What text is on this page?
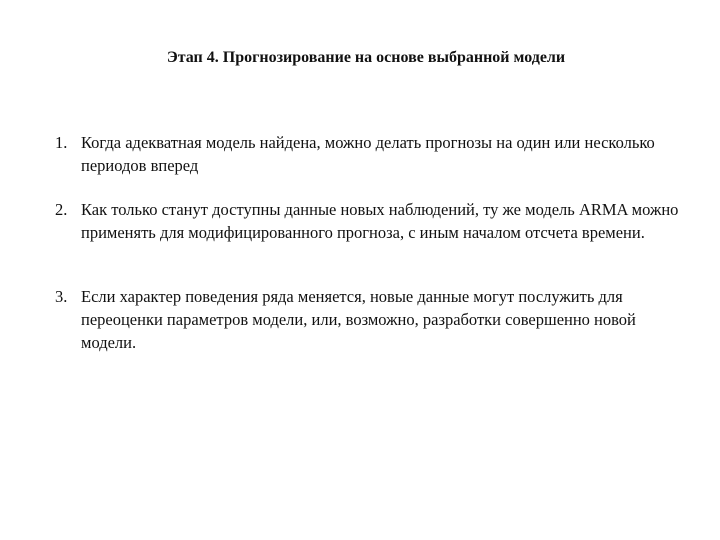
Этап 4. Прогнозирование на основе выбранной модели
1. Когда адекватная модель найдена, можно делать прогнозы на один или несколько периодов вперед
2. Как только станут доступны данные новых наблюдений, ту же модель ARMA можно применять для модифицированного прогноза, с иным началом отсчета времени.
3. Если характер поведения ряда меняется, новые данные могут послужить для переоценки параметров модели, или, возможно, разработки совершенно новой модели.
